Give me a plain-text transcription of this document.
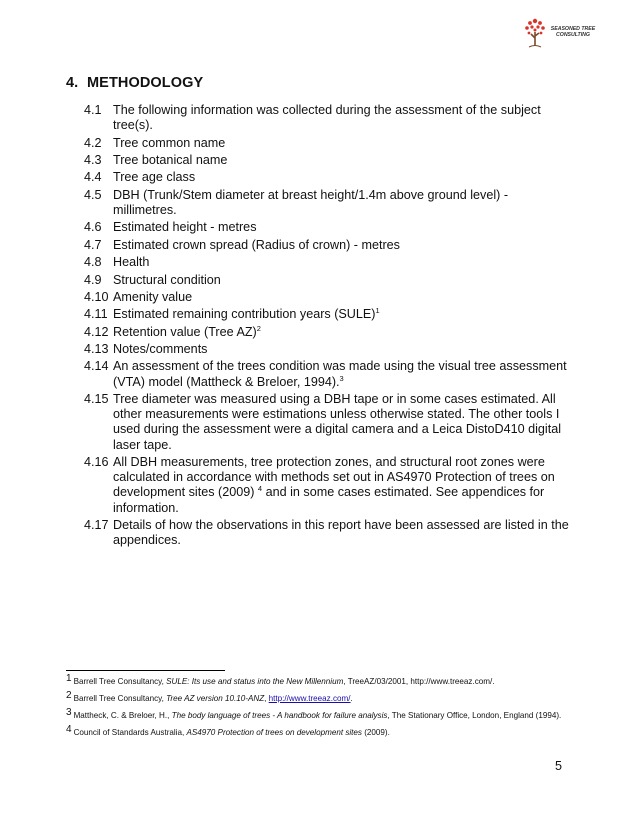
SEASONED TREE
CONSULTING
4. METHODOLOGY
4.1 The following information was collected during the assessment of the subject tree(s).
4.2 Tree common name
4.3 Tree botanical name
4.4 Tree age class
4.5 DBH (Trunk/Stem diameter at breast height/1.4m above ground level) - millimetres.
4.6 Estimated height - metres
4.7 Estimated crown spread (Radius of crown) - metres
4.8 Health
4.9 Structural condition
4.10 Amenity value
4.11 Estimated remaining contribution years (SULE)$^1$
4.12 Retention value (Tree AZ)$^2$
4.13 Notes/comments
4.14 An assessment of the trees condition was made using the visual tree assessment (VTA) model (Mattheck & Breloer, 1994).$^3$
4.15 Tree diameter was measured using a DBH tape or in some cases estimated. All other measurements were estimations unless otherwise stated. The other tools I used during the assessment were a digital camera and a Leica DistoD410 digital laser tape.
4.16 All DBH measurements, tree protection zones, and structural root zones were calculated in accordance with methods set out in AS4970 Protection of trees on development sites (2009) $^4$ and in some cases estimated. See appendices for information.
4.17 Details of how the observations in this report have been assessed are listed in the appendices.
1 Barrell Tree Consultancy, SULE: Its use and status into the New Millennium, TreeAZ/03/2001, http://www.treeaz.com/.
2 Barrell Tree Consultancy, Tree AZ version 10.10-ANZ, http://www.treeaz.com/.
3 Mattheck, C. & Breloer, H., The body language of trees - A handbook for failure analysis, The Stationary Office, London, England (1994).
4 Council of Standards Australia, AS4970 Protection of trees on development sites (2009).
5
